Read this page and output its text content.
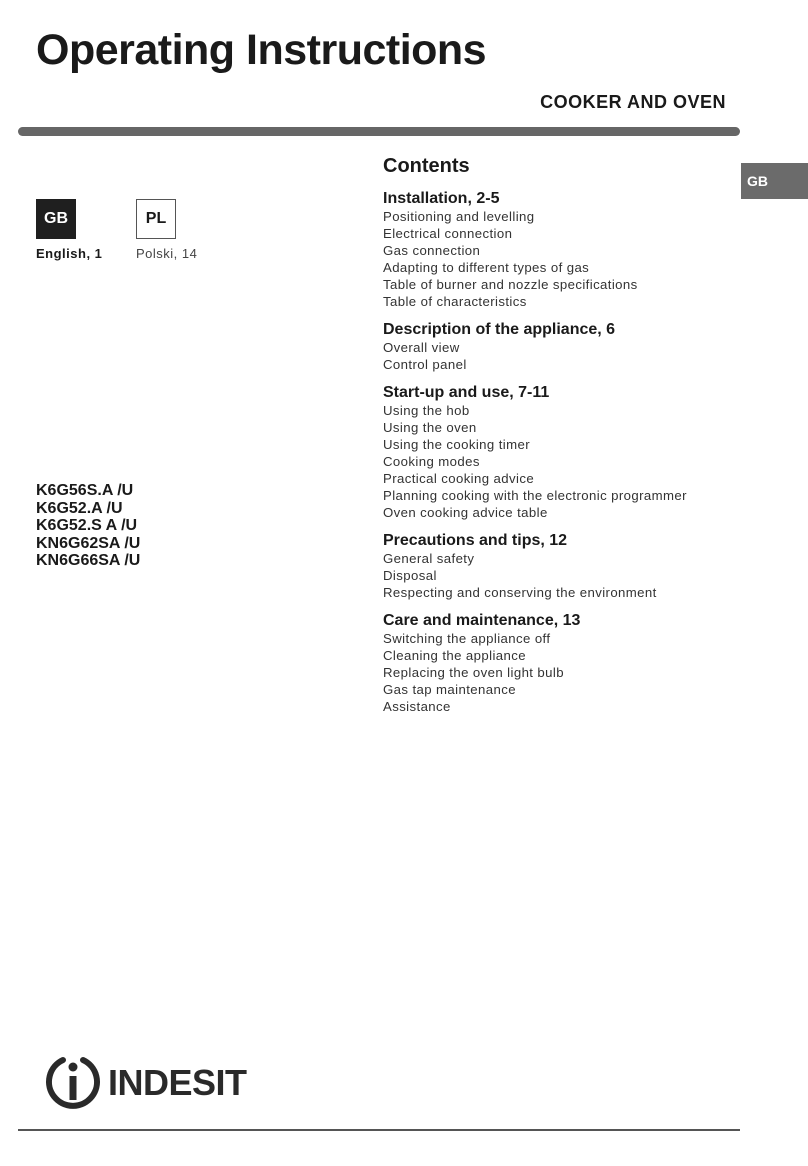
Operating Instructions
COOKER AND OVEN
GB
GB	PL
English, 1	Polski, 14
K6G56S.A /U
K6G52.A /U
K6G52.S A /U
KN6G62SA /U
KN6G66SA /U
Contents
Installation, 2-5
Positioning and levelling
Electrical connection
Gas connection
Adapting to different types of gas
Table of burner and nozzle specifications
Table of characteristics
Description of the appliance, 6
Overall view
Control panel
Start-up and use, 7-11
Using the hob
Using the oven
Using the cooking timer
Cooking modes
Practical cooking advice
Planning cooking with the electronic programmer
Oven cooking advice table
Precautions and tips, 12
General safety
Disposal
Respecting and conserving the environment
Care and maintenance, 13
Switching the appliance off
Cleaning the appliance
Replacing the oven light bulb
Gas tap maintenance
Assistance
INDESIT
